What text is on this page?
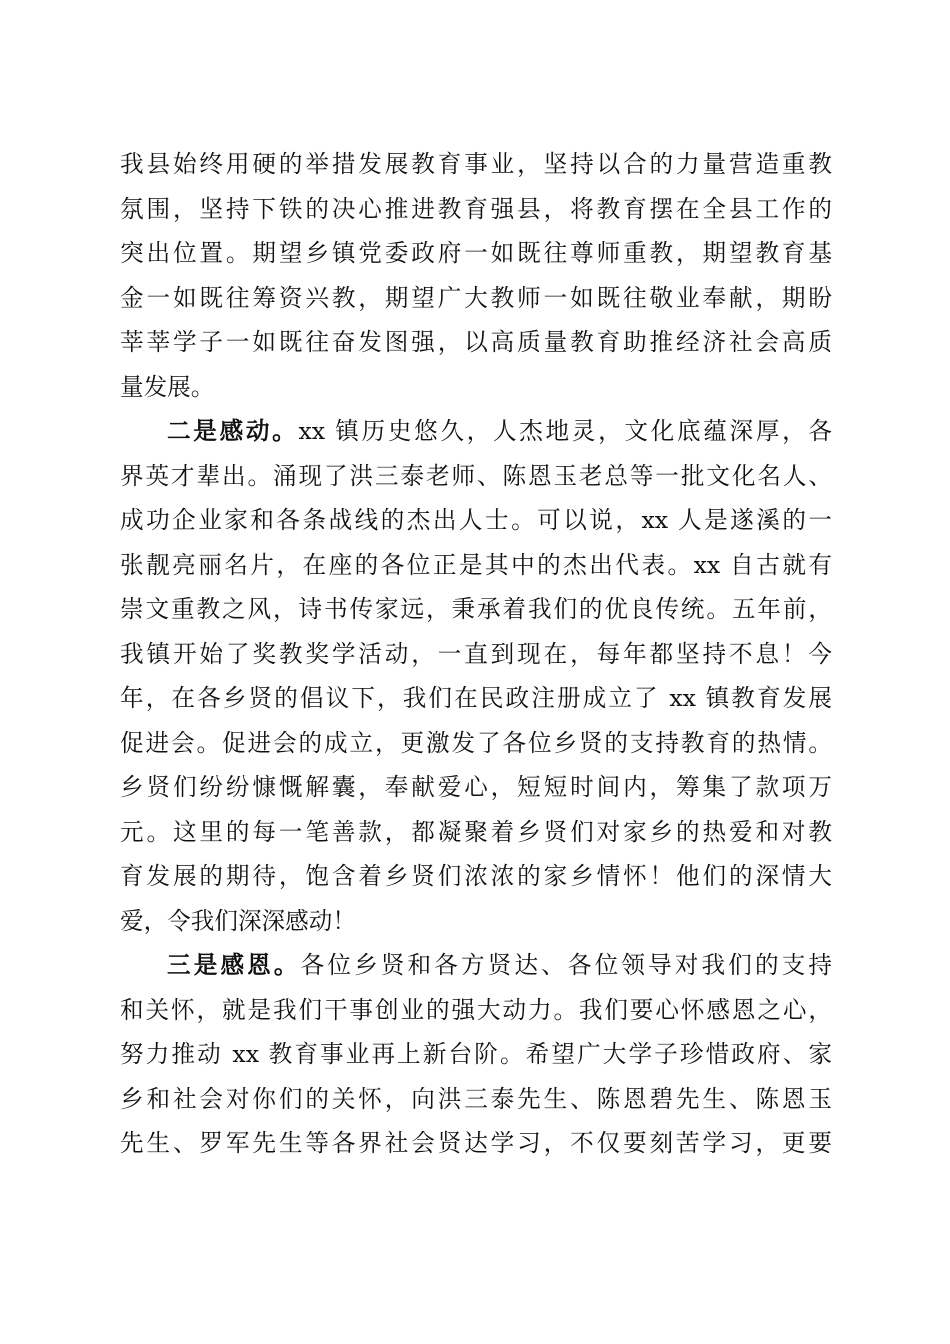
我县始终用硬的举措发展教育事业，坚持以合的力量营造重教
氛围，坚持下铁的决心推进教育强县，将教育摆在全县工作的
突出位置。期望乡镇党委政府一如既往尊师重教，期望教育基
金一如既往筹资兴教，期望广大教师一如既往敬业奉献，期盼
莘莘学子一如既往奋发图强，以高质量教育助推经济社会高质
量发展。
二是感动。xx 镇历史悠久，人杰地灵，文化底蕴深厚，各
界英才辈出。涌现了洪三泰老师、陈恩玉老总等一批文化名人、
成功企业家和各条战线的杰出人士。可以说，xx 人是遂溪的一
张靓亮丽名片，在座的各位正是其中的杰出代表。xx 自古就有
崇文重教之风，诗书传家远，秉承着我们的优良传统。五年前，
我镇开始了奖教奖学活动，一直到现在，每年都坚持不息！今
年，在各乡贤的倡议下，我们在民政注册成立了 xx 镇教育发展
促进会。促进会的成立，更激发了各位乡贤的支持教育的热情。
乡贤们纷纷慷慨解囊，奉献爱心，短短时间内，筹集了款项万
元。这里的每一笔善款，都凝聚着乡贤们对家乡的热爱和对教
育发展的期待，饱含着乡贤们浓浓的家乡情怀！他们的深情大
爱，令我们深深感动！
三是感恩。各位乡贤和各方贤达、各位领导对我们的支持
和关怀，就是我们干事创业的强大动力。我们要心怀感恩之心，
努力推动 xx 教育事业再上新台阶。希望广大学子珍惜政府、家
乡和社会对你们的关怀，向洪三泰先生、陈恩碧先生、陈恩玉
先生、罗军先生等各界社会贤达学习，不仅要刻苦学习，更要
